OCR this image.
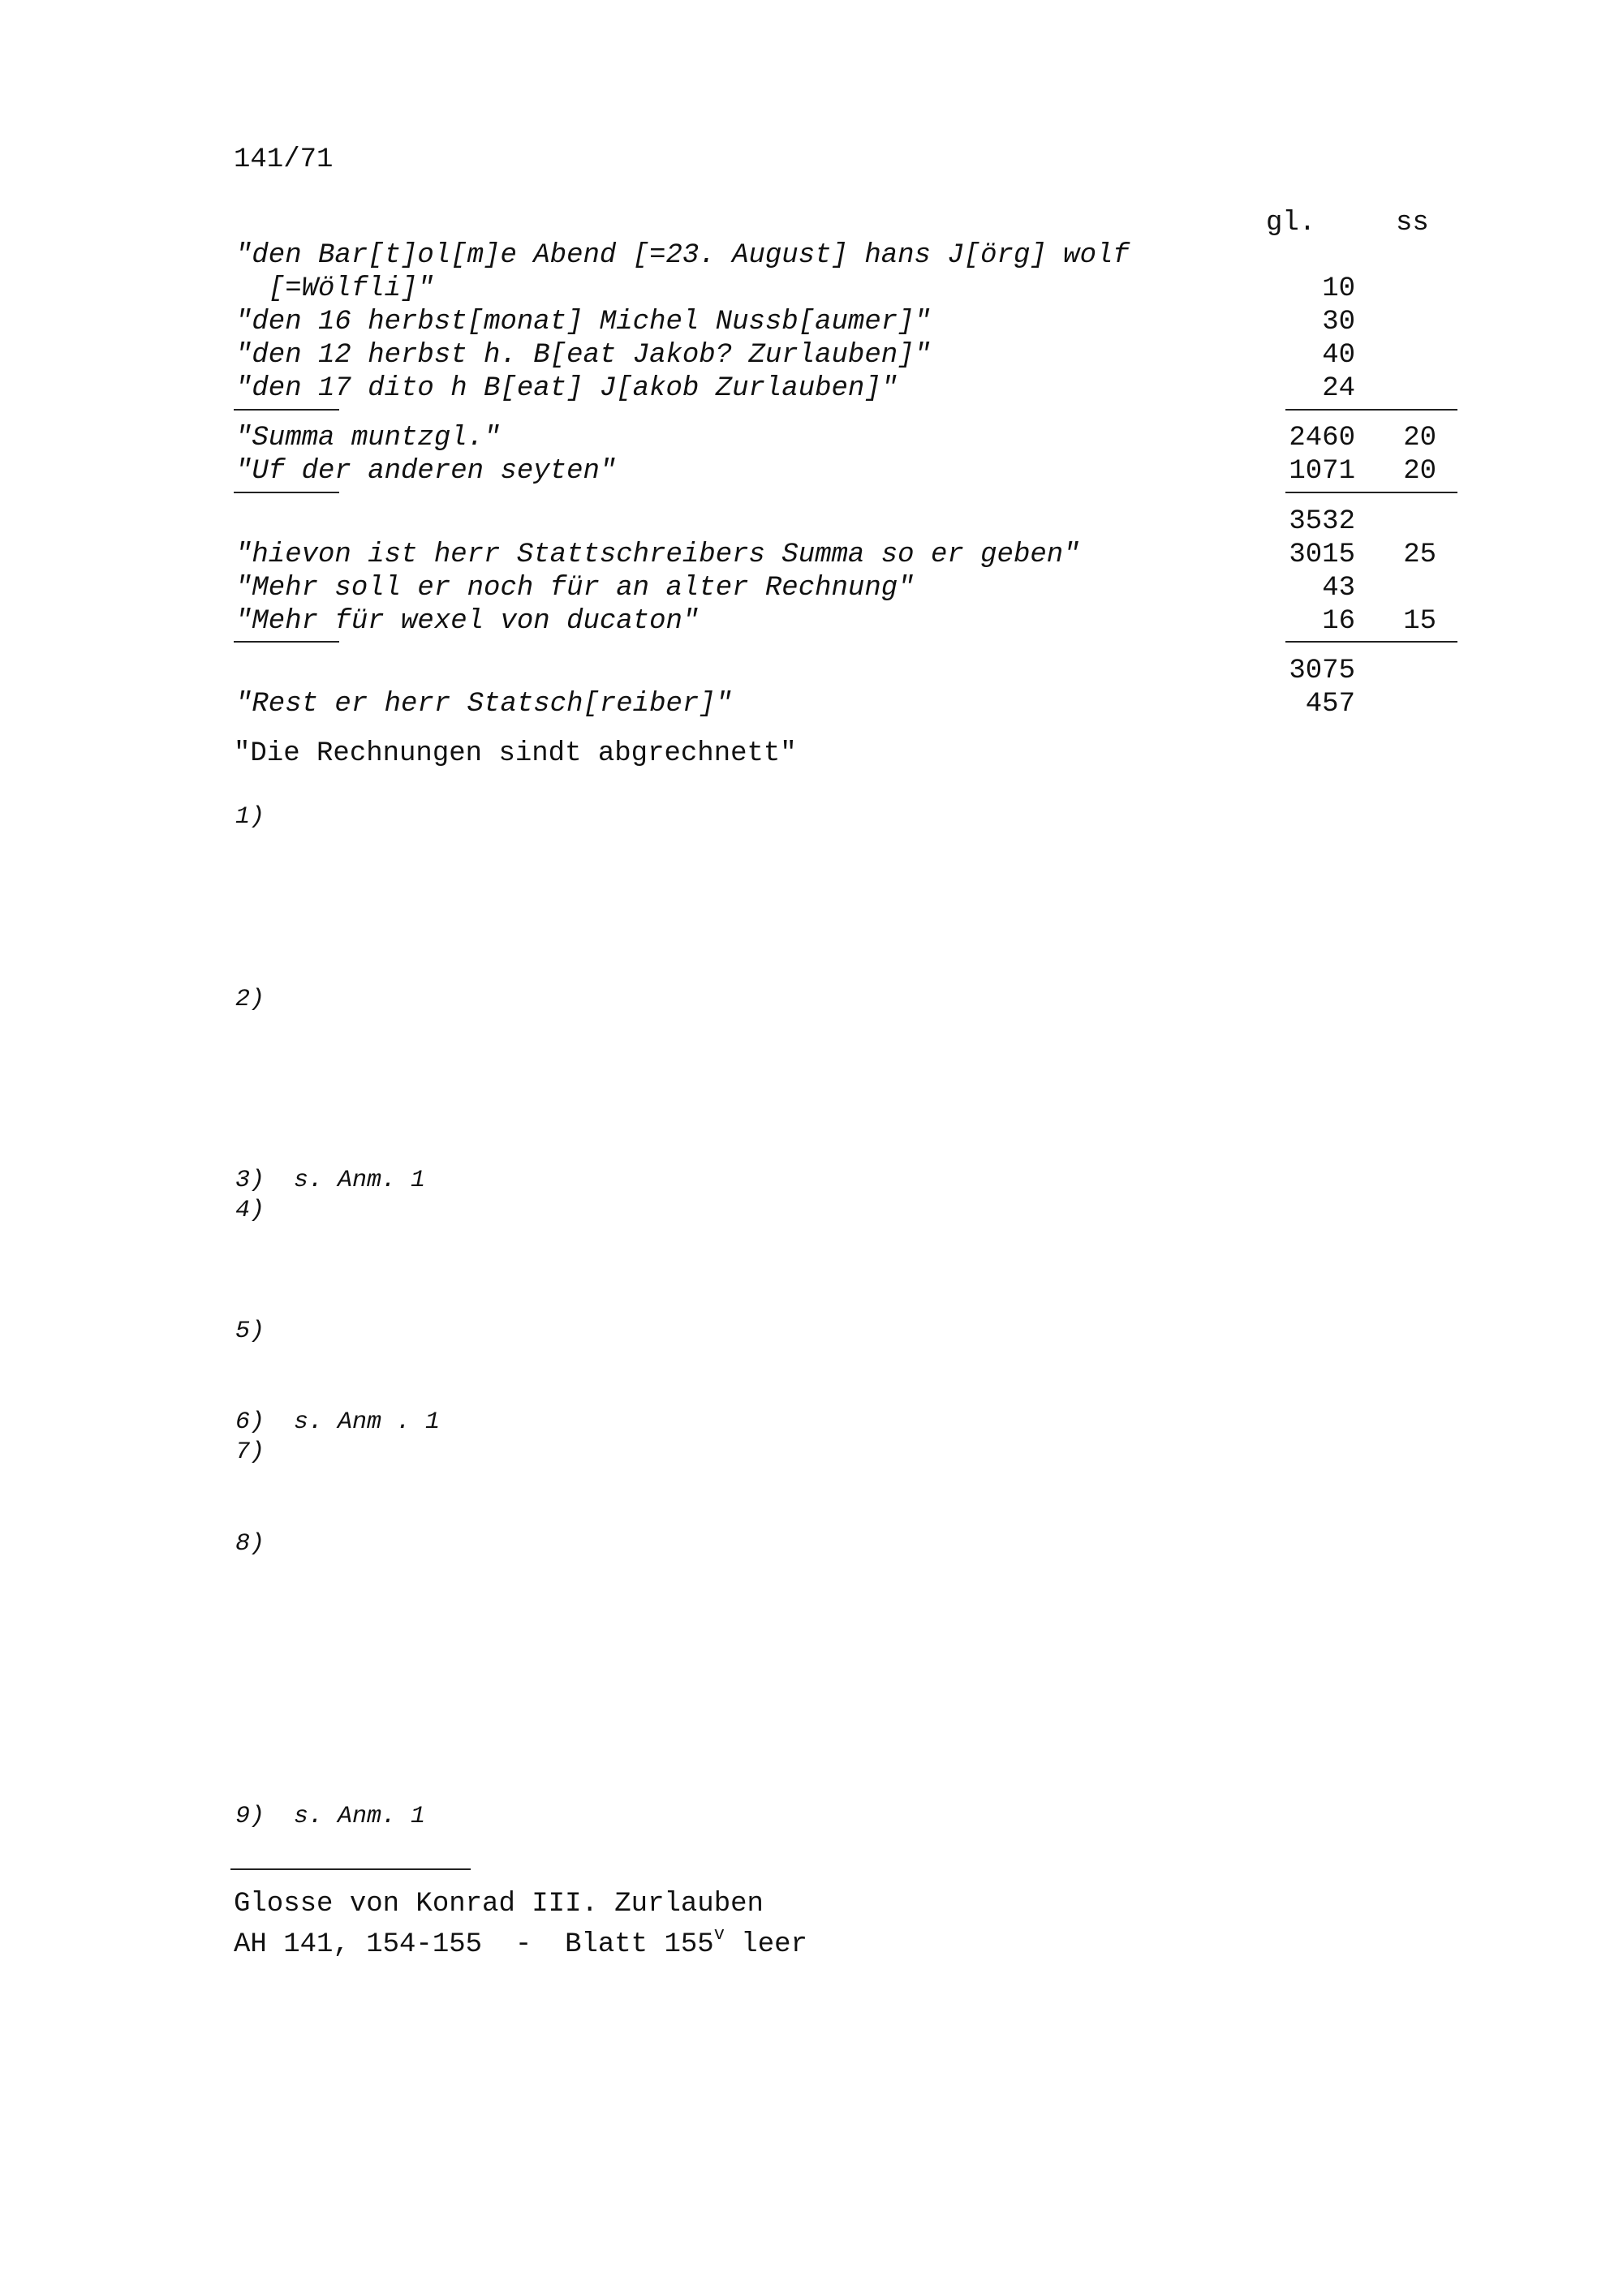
141/71
gl.	ss
"den Bar[t]ol[m]e Abend [=23. August] hans J[örg] wolf
[=Wölfli]"	10
"den 16 herbst[monat] Michel Nussb[aumer]"	30
"den 12 herbst h. B[eat Jakob? Zurlauben]"	40
"den 17 dito h B[eat] J[akob Zurlauben]"	24
"Summa muntzgl."	2460	20
"Uf der anderen seyten"	1071	20
3532
"hievon ist herr Stattschreibers Summa so er geben"	3015	25
"Mehr soll er noch für an alter Rechnung"	43
"Mehr für wexel von ducaton"	16	15
3075
"Rest er herr Statsch[reiber]"	457
"Die Rechnungen sindt abgrechnett"
1)
2)
3) s. Anm. 1
4)
5)
6) s. Anm . 1
7)
8)
9) s. Anm. 1
Glosse von Konrad III. Zurlauben
AH 141, 154-155  -  Blatt 155$^v$ leer
